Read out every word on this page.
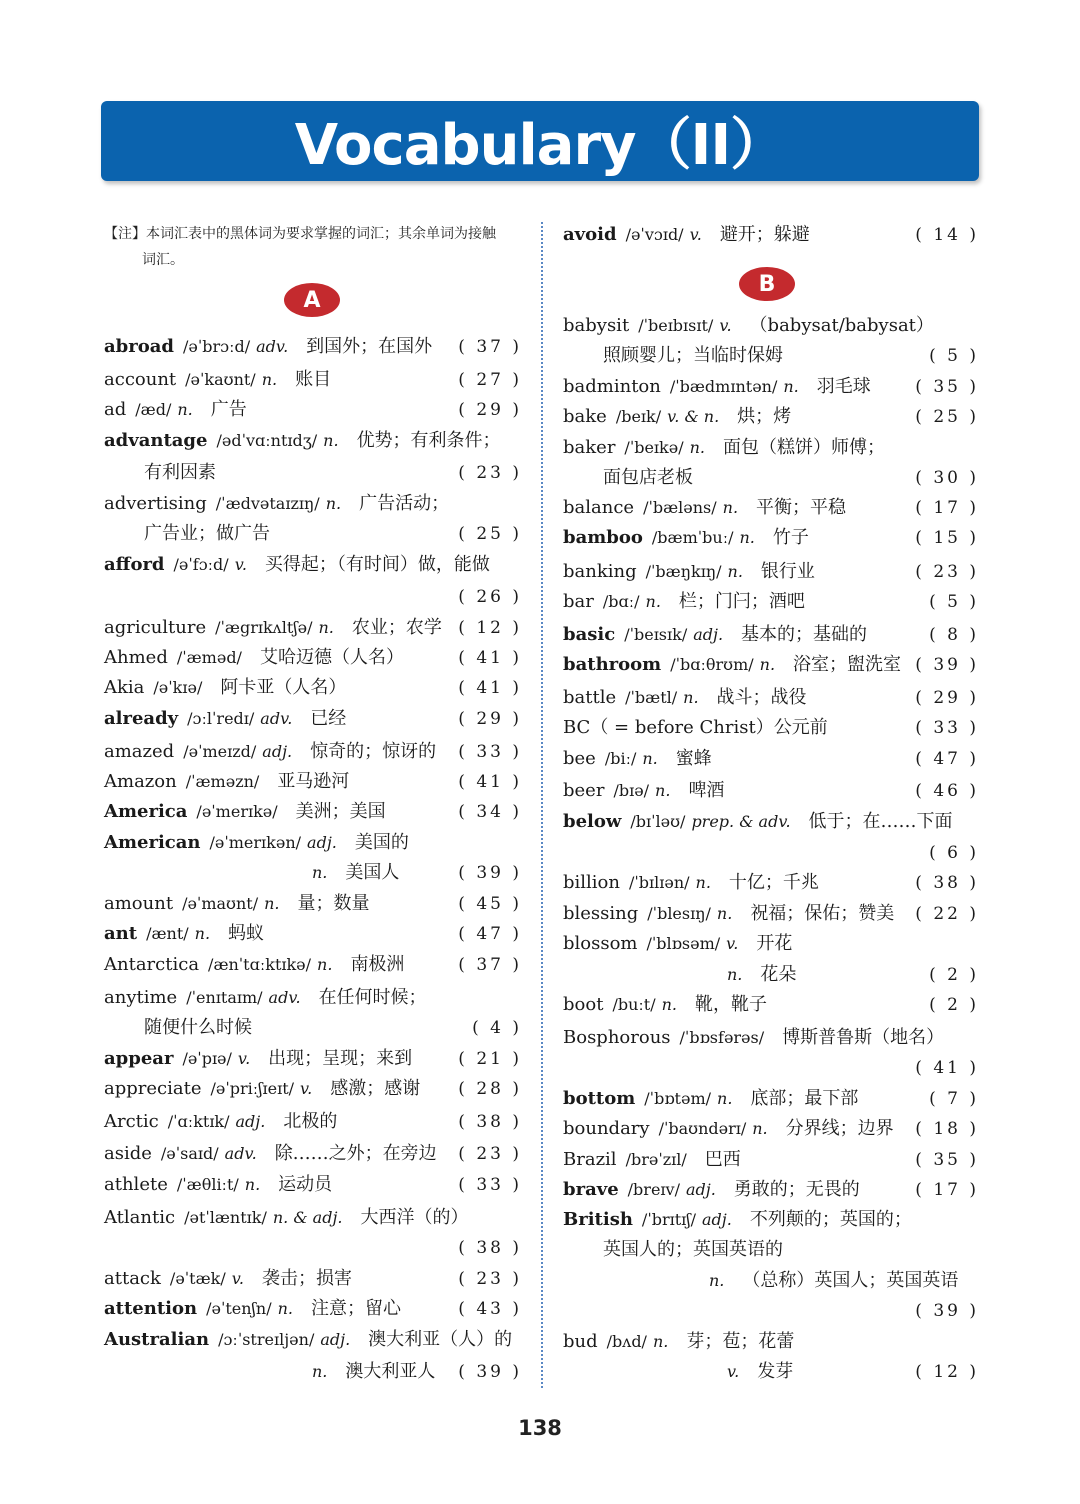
Vocabulary（II）
【注】本词汇表中的黑体词为要求掌握的词汇；其余单词为接触
词汇。
A
B
abroad /əˈbrɔːd/ adv. 到国外；在国外 ( 37 )
account /əˈkaʊnt/ n. 账目	( 27 )
ad /æd/ n. 广告	( 29 )
advantage /ədˈvɑːntɪdʒ/ n. 优势；有利条件；
有利因素	( 23 )
advertising /ˈædvətaɪzɪŋ/ n. 广告活动；
广告业；做广告	( 25 )
afford /əˈfɔːd/ v. 买得起；（有时间）做，能做
( 26 )
agriculture /ˈægrɪkʌltʃə/ n. 农业；农学 ( 12 )
Ahmed /ˈæməd/ 艾哈迈德（人名）	( 41 )
Akia /əˈkɪə/ 阿卡亚（人名）	( 41 )
already /ɔːlˈredɪ/ adv. 已经	( 29 )
amazed /əˈmeɪzd/ adj. 惊奇的；惊讶的 ( 33 )
Amazon /ˈæməzn/ 亚马逊河	( 41 )
America /əˈmerɪkə/ 美洲；美国	( 34 )
American /əˈmerɪkən/ adj. 美国的
n. 美国人	( 39 )
amount /əˈmaʊnt/ n. 量；数量	( 45 )
ant /ænt/ n. 蚂蚁	( 47 )
Antarctica /ænˈtɑːktɪkə/ n. 南极洲	( 37 )
anytime /ˈenɪtaɪm/ adv. 在任何时候；
随便什么时候	( 4 )
appear /əˈpɪə/ v. 出现；呈现；来到	( 21 )
appreciate /əˈpriːʃɪeɪt/ v. 感激；感谢 ( 28 )
Arctic /ˈɑːktɪk/ adj. 北极的	( 38 )
aside /əˈsaɪd/ adv. 除……之外；在旁边 ( 23 )
athlete /ˈæθliːt/ n. 运动员	( 33 )
Atlantic /ətˈlæntɪk/ n. & adj. 大西洋（的）
( 38 )
attack /əˈtæk/ v. 袭击；损害	( 23 )
attention /əˈtenʃn/ n. 注意；留心	( 43 )
Australian /ɔːˈstreɪljən/ adj. 澳大利亚（人）的
n. 澳大利亚人 ( 39 )
avoid /əˈvɔɪd/ v. 避开；躲避	( 14 )
babysit /ˈbeɪbɪsɪt/ v. （babysat/babysat）
照顾婴儿；当临时保姆	( 5 )
badminton /ˈbædmɪntən/ n. 羽毛球	( 35 )
bake /beɪk/ v. & n. 烘；烤	( 25 )
baker /ˈbeɪkə/ n. 面包（糕饼）师傅；
面包店老板	( 30 )
balance /ˈbæləns/ n. 平衡；平稳	( 17 )
bamboo /bæmˈbuː/ n. 竹子	( 15 )
banking /ˈbæŋkɪŋ/ n. 银行业	( 23 )
bar /bɑː/ n. 栏；门闩；酒吧	( 5 )
basic /ˈbeɪsɪk/ adj. 基本的；基础的	( 8 )
bathroom /ˈbɑːθrʊm/ n. 浴室；盥洗室 ( 39 )
battle /ˈbætl/ n. 战斗；战役	( 29 )
BC（ = before Christ）公元前	( 33 )
bee /biː/ n. 蜜蜂	( 47 )
beer /bɪə/ n. 啤酒	( 46 )
below /bɪˈləʊ/ prep. & adv. 低于；在……下面
( 6 )
billion /ˈbɪlɪən/ n. 十亿；千兆	( 38 )
blessing /ˈblesɪŋ/ n. 祝福；保佑；赞美 ( 22 )
blossom /ˈblɒsəm/ v. 开花
n. 花朵	( 2 )
boot /buːt/ n. 靴，靴子	( 2 )
Bosphorous /ˈbɒsfərəs/ 博斯普鲁斯（地名）
( 41 )
bottom /ˈbɒtəm/ n. 底部；最下部	( 7 )
boundary /ˈbaʊndərɪ/ n. 分界线；边界 ( 18 )
Brazil /brəˈzɪl/ 巴西	( 35 )
brave /breɪv/ adj. 勇敢的；无畏的	( 17 )
British /ˈbrɪtɪʃ/ adj. 不列颠的；英国的；
英国人的；英国英语的
n. （总称）英国人；英国英语
( 39 )
bud /bʌd/ n. 芽；苞；花蕾
v. 发芽	( 12 )
138
